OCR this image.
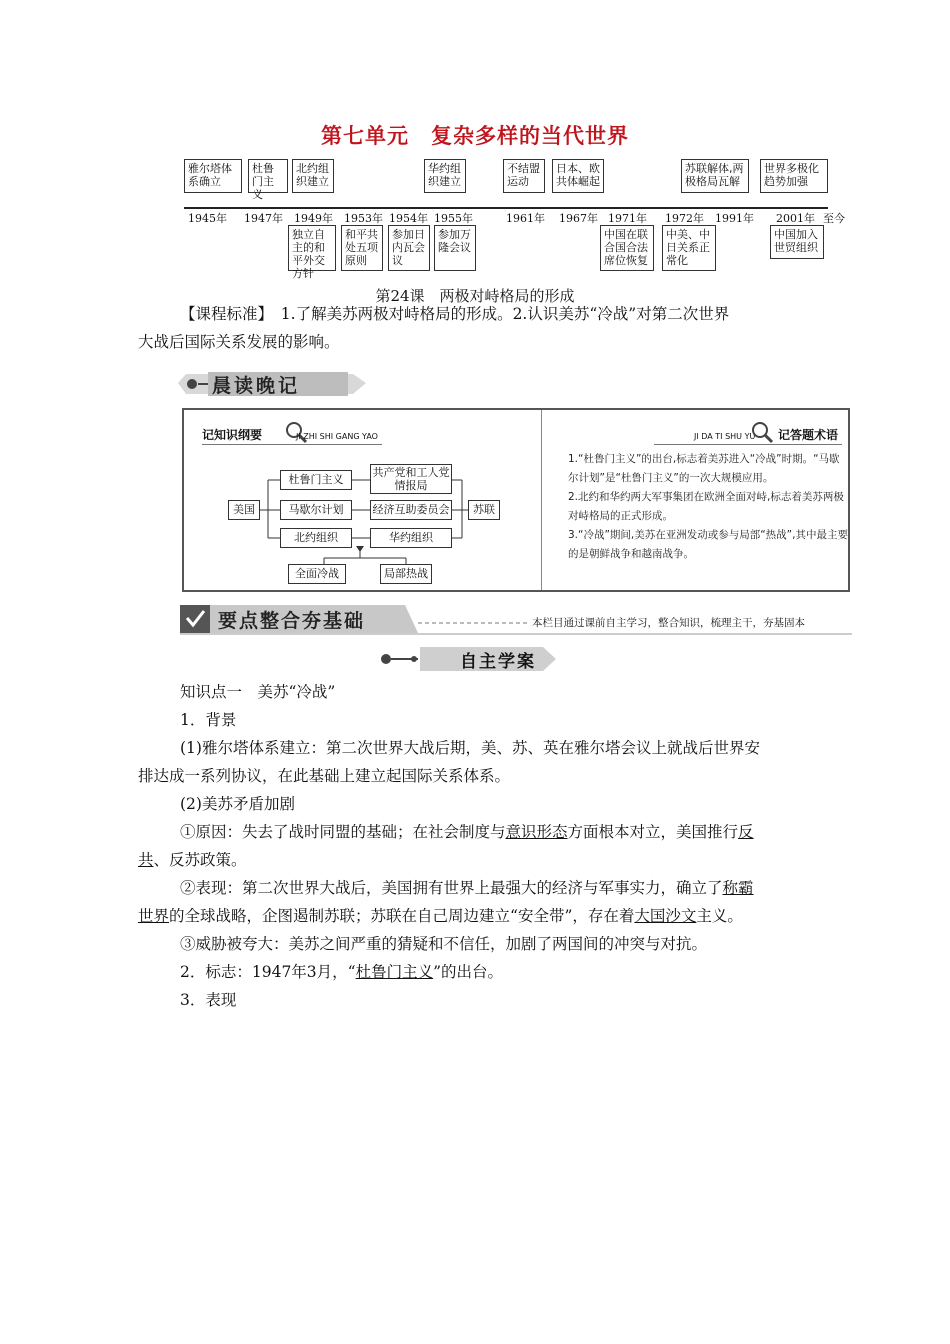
第七单元　复杂多样的当代世界
雅尔塔体系确立
杜鲁门主义
北约组织建立
华约组织建立
不结盟运动
日本、欧共体崛起
苏联解体,两极格局瓦解
世界多极化趋势加强
1945年 1947年 1949年 1953年 1954年 1955年	1961年 1967年 1971年 1972年 1991年 2001年 至今
独立自主的和平外交方针
和平共处五项原则
参加日内瓦会议
参加万隆会议
中国在联合国合法席位恢复
中美、中日关系正常化
中国加入世贸组织
第24课　两极对峙格局的形成
【课程标准】　 1.了解美苏两极对峙格局的形成。2.认识美苏“冷战”对第二次世界
大战后国际关系发展的影响。
晨读晚记
记知识纲要	JI ZHI SHI GANG YAO
美国
杜鲁门主义
马歇尔计划
北约组织
共产党和工人党情报局
经济互助委员会
华约组织
苏联
全面冷战	局部热战
JI DA TI SHU YU 记答题术语
1.“杜鲁门主义”的出台,标志着美苏进入“冷战”时期。“马歇尔计划”是“杜鲁门主义”的一次大规模应用。
2.北约和华约两大军事集团在欧洲全面对峙,标志着美苏两极对峙格局的正式形成。
3.“冷战”期间,美苏在亚洲发动或参与局部“热战”,其中最主要的是朝鲜战争和越南战争。
要点整合夯基础	本栏目通过课前自主学习，整合知识，梳理主干，夯基固本
自主学案
知识点一　美苏“冷战”
1．背景
(1)雅尔塔体系建立：第二次世界大战后期，美、苏、英在雅尔塔会议上就战后世界安
排达成一系列协议，在此基础上建立起国际关系体系。
(2)美苏矛盾加剧
①原因：失去了战时同盟的基础；在社会制度与意识形态方面根本对立，美国推行反
共、反苏政策。
②表现：第二次世界大战后，美国拥有世界上最强大的经济与军事实力，确立了称霸
世界的全球战略，企图遏制苏联；苏联在自己周边建立“安全带”，存在着大国沙文主义。
③威胁被夸大：美苏之间严重的猜疑和不信任，加剧了两国间的冲突与对抗。
2．标志：1947年3月，“杜鲁门主义”的出台。
3．表现
